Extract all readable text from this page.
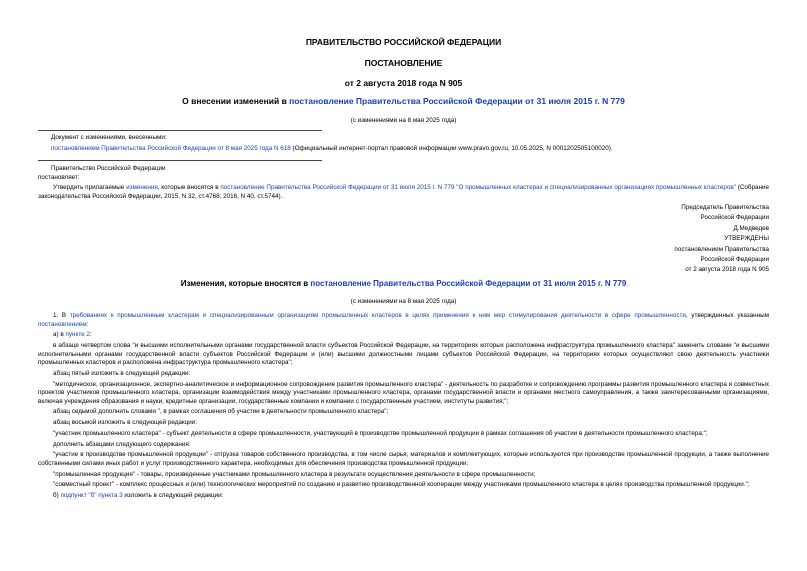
ПРАВИТЕЛЬСТВО РОССИЙСКОЙ ФЕДЕРАЦИИ
ПОСТАНОВЛЕНИЕ
от 2 августа 2018 года N 905
О внесении изменений в постановление Правительства Российской Федерации от 31 июля 2015 г. N 779
(с изменениями на 8 мая 2025 года)
Документ с изменениями, внесенными:
постановлением Правительства Российской Федерации от 8 мая 2025 года N 618 (Официальный интернет-портал правовой информации www.pravo.gov.ru, 10.05.2025, N 0001202505100020).
Правительство Российской Федерации
постановляет:
Утвердить прилагаемые изменения, которые вносятся в постановление Правительства Российской Федерации от 31 июля 2015 г. N 779 "О промышленных кластерах и специализированных организациях промышленных кластеров" (Собрание законодательства Российской Федерации, 2015, N 32, ст.4768; 2016, N 40, ст.5744).
Председатель Правительства
Российской Федерации
Д.Медведев
УТВЕРЖДЕНЫ
постановлением Правительства
Российской Федерации
от 2 августа 2018 года N 905
Изменения, которые вносятся в постановление Правительства Российской Федерации от 31 июля 2015 г. N 779
(с изменениями на 8 мая 2025 года)

1. В требованиях к промышленным кластерам и специализированным организациям промышленных кластеров в целях применения к ним мер стимулирования деятельности в сфере промышленности, утвержденных указанным постановлением:

а) в пункте 2:

в абзаце четвертом слова "и высшими исполнительными органами государственной власти субъектов Российской Федерации, на территориях которых расположена инфраструктура промышленного кластера" заменить словами "и высшими исполнительными органами государственной власти субъектов Российской Федерации и (или) высшими должностными лицами субъектов Российской Федерации, на территориях которых осуществляют свою деятельность участники промышленных кластеров и расположена инфраструктура промышленного кластера";

абзац пятый изложить в следующей редакции:

"методическое, организационное, экспертно-аналитическое и информационное сопровождение развития промышленного кластера" - деятельность по разработке и сопровождению программы развития промышленного кластера и совместных проектов участников промышленного кластера, организации взаимодействия между участниками промышленного кластера, органами государственной власти и органами местного самоуправления, а также заинтересованными организациями, включая учреждения образования и науки, кредитные организации, государственные компании и компании с государственным участием, институты развития;";

абзац седьмой дополнить словами ", в рамках соглашения об участии в деятельности промышленного кластера";

абзац восьмой изложить в следующей редакции:

"участник промышленного кластера" - субъект деятельности в сфере промышленности, участвующий в производстве промышленной продукции в рамках соглашения об участии в деятельности промышленного кластера;";

дополнить абзацами следующего содержания:

"участие в производстве промышленной продукции" - отгрузка товаров собственного производства, в том числе сырья, материалов и комплектующих, которые используются при производстве промышленной продукции, а также выполнение собственными силами иных работ и услуг производственного характера, необходимых для обеспечения производства промышленной продукции;

"промышленная продукция" - товары, произведенные участниками промышленного кластера в результате осуществления деятельности в сфере промышленности;

"совместный проект" - комплекс процессных и (или) технологических мероприятий по созданию и развитию производственной кооперации между участниками промышленного кластера в целях производства промышленной продукции.";

б) подпункт "б" пункта 3 изложить в следующей редакции:
